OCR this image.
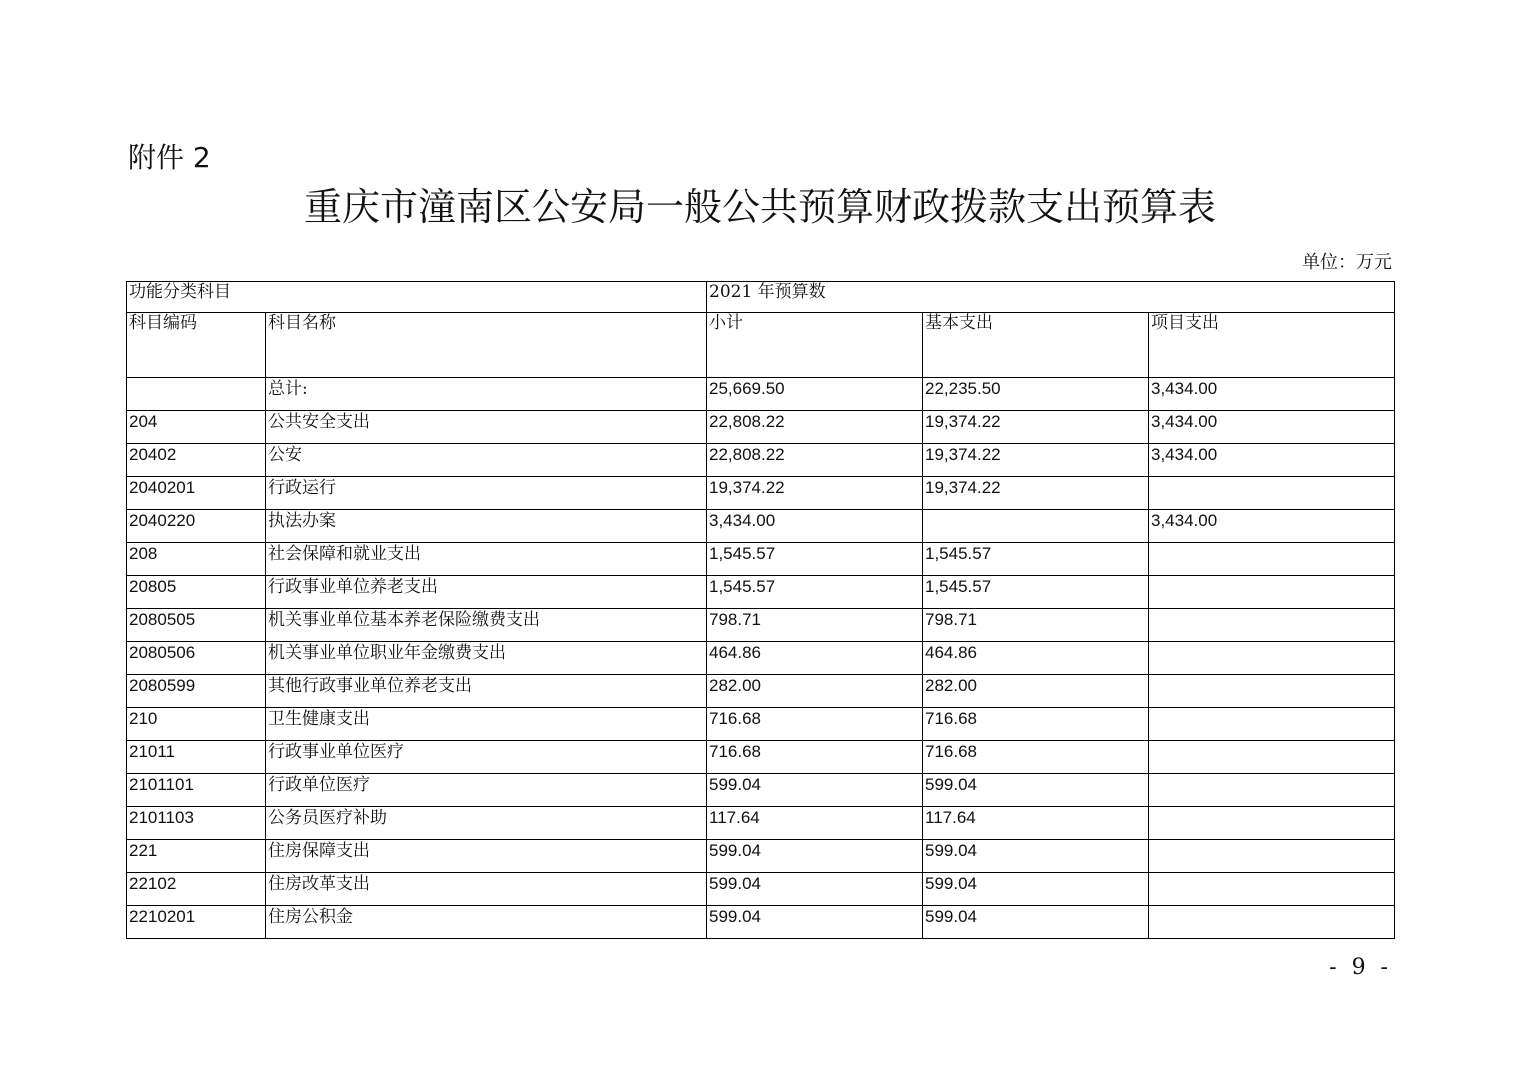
附件 2
重庆市潼南区公安局一般公共预算财政拨款支出预算表
单位：万元
功能分类科目		2021 年预算数		
科目编码	科目名称	小计	基本支出	项目支出
	总计:	25,669.50	22,235.50	3,434.00
204	公共安全支出	22,808.22	19,374.22	3,434.00
20402	公安	22,808.22	19,374.22	3,434.00
2040201	行政运行	19,374.22	19,374.22	
2040220	执法办案	3,434.00		3,434.00
208	社会保障和就业支出	1,545.57	1,545.57	
20805	行政事业单位养老支出	1,545.57	1,545.57	
2080505	机关事业单位基本养老保险缴费支出	798.71	798.71	
2080506	机关事业单位职业年金缴费支出	464.86	464.86	
2080599	其他行政事业单位养老支出	282.00	282.00	
210	卫生健康支出	716.68	716.68	
21011	行政事业单位医疗	716.68	716.68	
2101101	行政单位医疗	599.04	599.04	
2101103	公务员医疗补助	117.64	117.64	
221	住房保障支出	599.04	599.04	
22102	住房改革支出	599.04	599.04	
2210201	住房公积金	599.04	599.04	
- 9 -
